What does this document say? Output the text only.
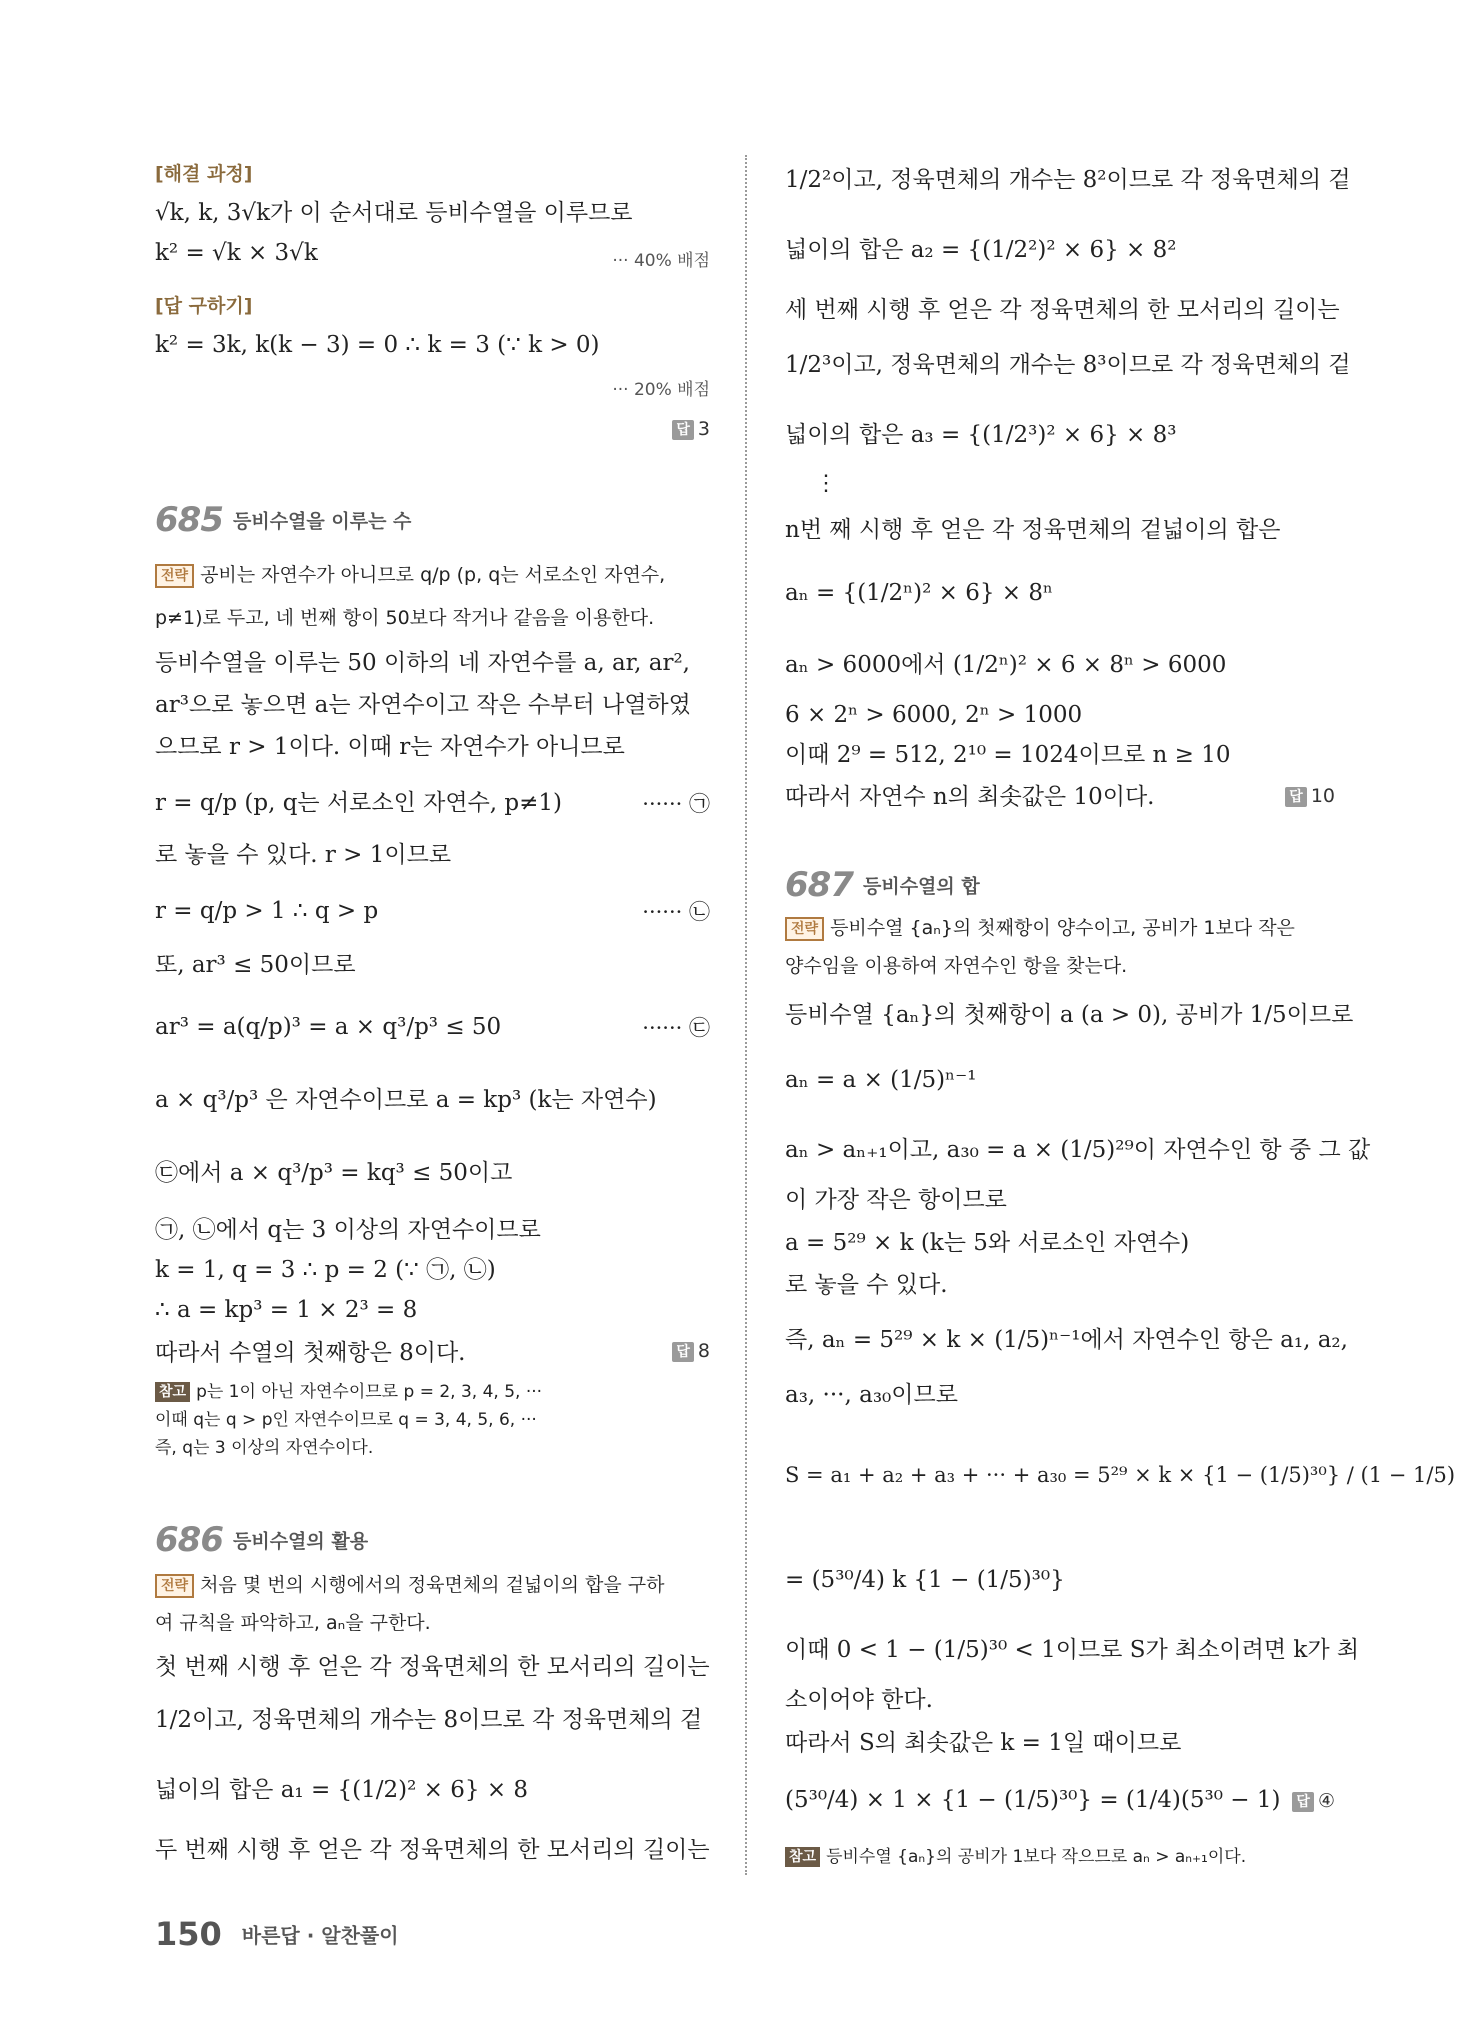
[해결 과정]
√k, k, 3√k가 이 순서대로 등비수열을 이루므로
k² = √k × 3√k	··· 40% 배점
[답 구하기]
k² = 3k, k(k − 3) = 0 ∴ k = 3 (∵ k > 0)
··· 20% 배점
답 3
685 등비수열을 이루는 수
전략 공비는 자연수가 아니므로 q/p (p, q는 서로소인 자연수,
p≠1)로 두고, 네 번째 항이 50보다 작거나 같음을 이용한다.
등비수열을 이루는 50 이하의 네 자연수를 a, ar, ar²,
ar³으로 놓으면 a는 자연수이고 작은 수부터 나열하였
으므로 r > 1이다. 이때 r는 자연수가 아니므로
r = q/p (p, q는 서로소인 자연수, p≠1)	······ ㉠
로 놓을 수 있다. r > 1이므로
r = q/p > 1 ∴ q > p	······ ㉡
또, ar³ ≤ 50이므로
ar³ = a(q/p)³ = a × q³/p³ ≤ 50	······ ㉢
a × q³/p³ 은 자연수이므로 a = kp³ (k는 자연수)
㉢에서 a × q³/p³ = kq³ ≤ 50이고
㉠, ㉡에서 q는 3 이상의 자연수이므로
k = 1, q = 3 ∴ p = 2 (∵ ㉠, ㉡)
∴ a = kp³ = 1 × 2³ = 8
따라서 수열의 첫째항은 8이다.	답 8
참고 p는 1이 아닌 자연수이므로 p = 2, 3, 4, 5, ···
이때 q는 q > p인 자연수이므로 q = 3, 4, 5, 6, ···
즉, q는 3 이상의 자연수이다.
686 등비수열의 활용
전략 처음 몇 번의 시행에서의 정육면체의 겉넓이의 합을 구하
여 규칙을 파악하고, aₙ을 구한다.
첫 번째 시행 후 얻은 각 정육면체의 한 모서리의 길이는
1/2이고, 정육면체의 개수는 8이므로 각 정육면체의 겉
넓이의 합은 a₁ = {(1/2)² × 6} × 8
두 번째 시행 후 얻은 각 정육면체의 한 모서리의 길이는
1/2²이고, 정육면체의 개수는 8²이므로 각 정육면체의 겉
넓이의 합은 a₂ = {(1/2²)² × 6} × 8²
세 번째 시행 후 얻은 각 정육면체의 한 모서리의 길이는
1/2³이고, 정육면체의 개수는 8³이므로 각 정육면체의 겉
넓이의 합은 a₃ = {(1/2³)² × 6} × 8³
⋮
n번 째 시행 후 얻은 각 정육면체의 겉넓이의 합은
aₙ = {(1/2ⁿ)² × 6} × 8ⁿ
aₙ > 6000에서 (1/2ⁿ)² × 6 × 8ⁿ > 6000
6 × 2ⁿ > 6000, 2ⁿ > 1000
이때 2⁹ = 512, 2¹⁰ = 1024이므로 n ≥ 10
따라서 자연수 n의 최솟값은 10이다.	답 10
687 등비수열의 합
전략 등비수열 {aₙ}의 첫째항이 양수이고, 공비가 1보다 작은
양수임을 이용하여 자연수인 항을 찾는다.
등비수열 {aₙ}의 첫째항이 a (a > 0), 공비가 1/5이므로
aₙ = a × (1/5)ⁿ⁻¹
aₙ > aₙ₊₁이고, a₃₀ = a × (1/5)²⁹이 자연수인 항 중 그 값
이 가장 작은 항이므로
a = 5²⁹ × k (k는 5와 서로소인 자연수)
로 놓을 수 있다.
즉, aₙ = 5²⁹ × k × (1/5)ⁿ⁻¹에서 자연수인 항은 a₁, a₂,
a₃, ···, a₃₀이므로
S = a₁ + a₂ + a₃ + ··· + a₃₀ = 5²⁹ × k × {1 − (1/5)³⁰} / (1 − 1/5)
= (5³⁰/4) k {1 − (1/5)³⁰}
이때 0 < 1 − (1/5)³⁰ < 1이므로 S가 최소이려면 k가 최
소이어야 한다.
따라서 S의 최솟값은 k = 1일 때이므로
(5³⁰/4) × 1 × {1 − (1/5)³⁰} = (1/4)(5³⁰ − 1) 답 ④
참고 등비수열 {aₙ}의 공비가 1보다 작으므로 aₙ > aₙ₊₁이다.
150 바른답 · 알찬풀이
